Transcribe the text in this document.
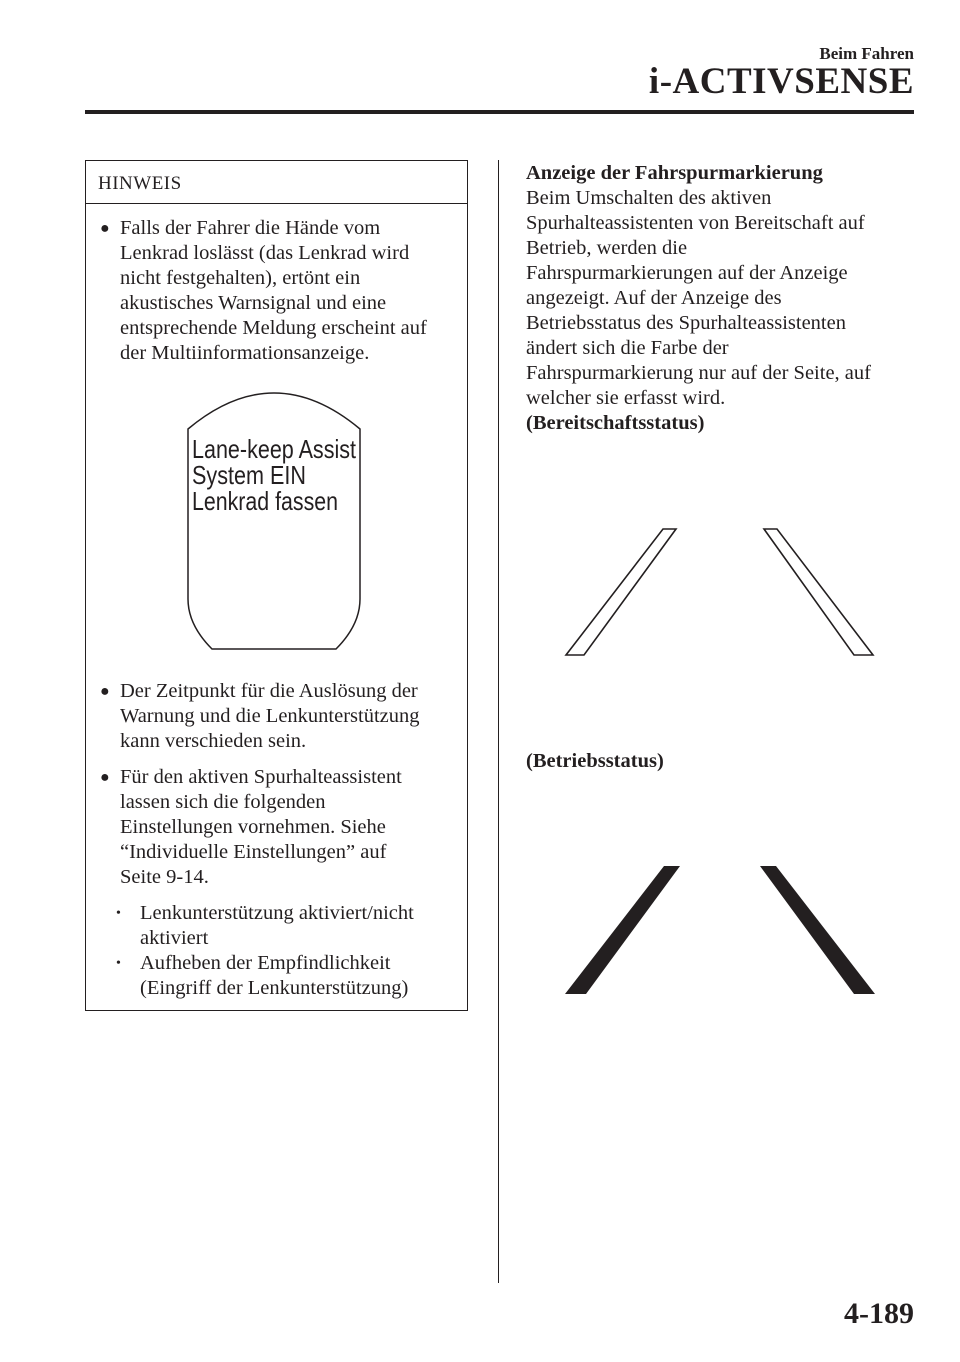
Beim Fahren
i-ACTIVSENSE
HINWEIS
● Falls der Fahrer die Hände vom
Lenkrad loslässt (das Lenkrad wird
nicht festgehalten), ertönt ein
akustisches Warnsignal und eine
entsprechende Meldung erscheint auf
der Multiinformationsanzeige.
Lane-keep Assist
System EIN
Lenkrad fassen
● Der Zeitpunkt für die Auslösung der
Warnung und die Lenkunterstützung
kann verschieden sein.
● Für den aktiven Spurhalteassistent
lassen sich die folgenden
Einstellungen vornehmen. Siehe
“Individuelle Einstellungen” auf
Seite 9-14.
• Lenkunterstützung aktiviert/nicht
aktiviert
• Aufheben der Empfindlichkeit
(Eingriff der Lenkunterstützung)
Anzeige der Fahrspurmarkierung
Beim Umschalten des aktiven
Spurhalteassistenten von Bereitschaft auf
Betrieb, werden die
Fahrspurmarkierungen auf der Anzeige
angezeigt. Auf der Anzeige des
Betriebsstatus des Spurhalteassistenten
ändert sich die Farbe der
Fahrspurmarkierung nur auf der Seite, auf
welcher sie erfasst wird.
(Bereitschaftsstatus)
(Betriebsstatus)
4-189
